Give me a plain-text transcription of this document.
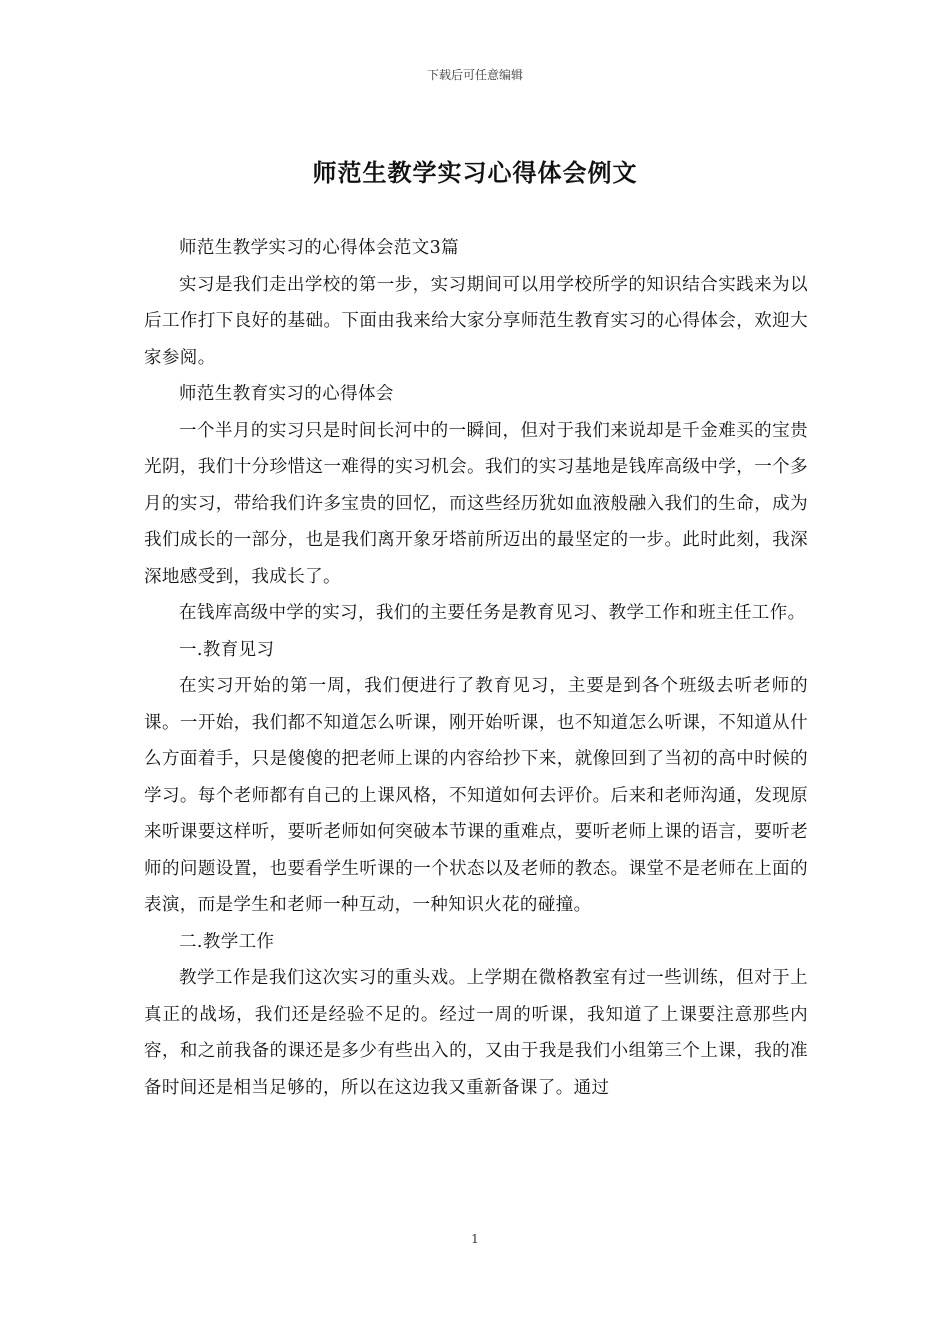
下载后可任意编辑
师范生教学实习心得体会例文

师范生教学实习的心得体会范文3篇

实习是我们走出学校的第一步，实习期间可以用学校所学的知识结合实践来为以后工作打下良好的基础。下面由我来给大家分享师范生教育实习的心得体会，欢迎大家参阅。

师范生教育实习的心得体会

一个半月的实习只是时间长河中的一瞬间，但对于我们来说却是千金难买的宝贵光阴，我们十分珍惜这一难得的实习机会。我们的实习基地是钱库高级中学，一个多月的实习，带给我们许多宝贵的回忆，而这些经历犹如血液般融入我们的生命，成为我们成长的一部分，也是我们离开象牙塔前所迈出的最坚定的一步。此时此刻，我深深地感受到，我成长了。

在钱库高级中学的实习，我们的主要任务是教育见习、教学工作和班主任工作。

一.教育见习

在实习开始的第一周，我们便进行了教育见习，主要是到各个班级去听老师的课。一开始，我们都不知道怎么听课，刚开始听课，也不知道怎么听课，不知道从什么方面着手，只是傻傻的把老师上课的内容给抄下来，就像回到了当初的高中时候的学习。每个老师都有自己的上课风格，不知道如何去评价。后来和老师沟通，发现原来听课要这样听，要听老师如何突破本节课的重难点，要听老师上课的语言，要听老师的问题设置，也要看学生听课的一个状态以及老师的教态。课堂不是老师在上面的表演，而是学生和老师一种互动，一种知识火花的碰撞。

二.教学工作

教学工作是我们这次实习的重头戏。上学期在微格教室有过一些训练，但对于上真正的战场，我们还是经验不足的。经过一周的听课，我知道了上课要注意那些内容，和之前我备的课还是多少有些出入的，又由于我是我们小组第三个上课，我的准备时间还是相当足够的，所以在这边我又重新备课了。通过

1
